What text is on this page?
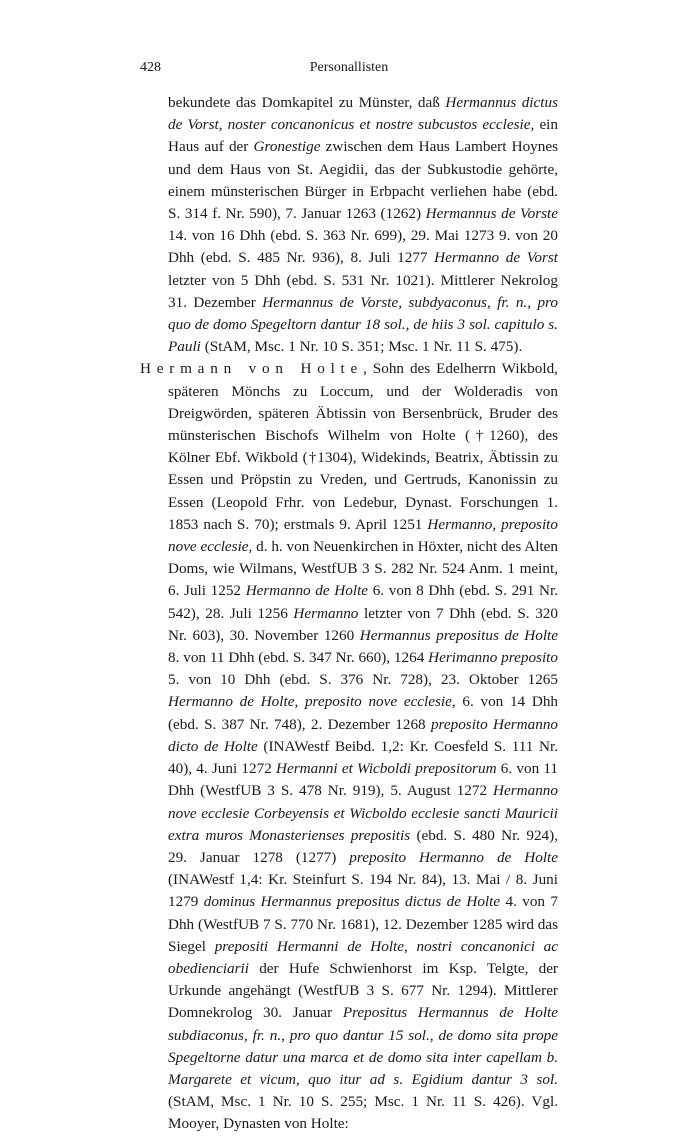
428	Personallisten

bekundete das Domkapitel zu Münster, daß Hermannus dictus de Vorst, noster concanonicus et nostre subcustos ecclesie, ein Haus auf der Gronestige zwischen dem Haus Lambert Hoynes und dem Haus von St. Aegidii, das der Subkustodie gehörte, einem münsterischen Bürger in Erbpacht verliehen habe (ebd. S. 314 f. Nr. 590), 7. Januar 1263 (1262) Hermannus de Vorste 14. von 16 Dhh (ebd. S. 363 Nr. 699), 29. Mai 1273 9. von 20 Dhh (ebd. S. 485 Nr. 936), 8. Juli 1277 Hermanno de Vorst letzter von 5 Dhh (ebd. S. 531 Nr. 1021). Mittlerer Nekrolog 31. Dezember Hermannus de Vorste, subdyaconus, fr. n., pro quo de domo Spegeltorn dantur 18 sol., de hiis 3 sol. capitulo s. Pauli (StAM, Msc. 1 Nr. 10 S. 351; Msc. 1 Nr. 11 S. 475).

Hermann von Holte, Sohn des Edelherrn Wikbold, späteren Mönchs zu Loccum, und der Wolderadis von Dreigwörden, späteren Äbtissin von Bersenbrück, Bruder des münsterischen Bischofs Wilhelm von Holte (†1260), des Kölner Ebf. Wikbold (†1304), Widekinds, Beatrix, Äbtissin zu Essen und Pröpstin zu Vreden, und Gertruds, Kanonissin zu Essen (Leopold Frhr. von Ledebur, Dynast. Forschungen 1. 1853 nach S. 70); erstmals 9. April 1251 Hermanno, preposito nove ecclesie, d. h. von Neuenkirchen in Höxter, nicht des Alten Doms, wie Wilmans, WestfUB 3 S. 282 Nr. 524 Anm. 1 meint, 6. Juli 1252 Hermanno de Holte 6. von 8 Dhh (ebd. S. 291 Nr. 542), 28. Juli 1256 Hermanno letzter von 7 Dhh (ebd. S. 320 Nr. 603), 30. November 1260 Hermannus prepositus de Holte 8. von 11 Dhh (ebd. S. 347 Nr. 660), 1264 Herimanno preposito 5. von 10 Dhh (ebd. S. 376 Nr. 728), 23. Oktober 1265 Hermanno de Holte, preposito nove ecclesie, 6. von 14 Dhh (ebd. S. 387 Nr. 748), 2. Dezember 1268 preposito Hermanno dicto de Holte (INAWestf Beibd. 1,2: Kr. Coesfeld S. 111 Nr. 40), 4. Juni 1272 Hermanni et Wicboldi prepositorum 6. von 11 Dhh (WestfUB 3 S. 478 Nr. 919), 5. August 1272 Hermanno nove ecclesie Corbeyensis et Wicboldo ecclesie sancti Mauricii extra muros Monasterienses prepositis (ebd. S. 480 Nr. 924), 29. Januar 1278 (1277) preposito Hermanno de Holte (INAWestf 1,4: Kr. Steinfurt S. 194 Nr. 84), 13. Mai / 8. Juni 1279 dominus Hermannus prepositus dictus de Holte 4. von 7 Dhh (WestfUB 7 S. 770 Nr. 1681), 12. Dezember 1285 wird das Siegel prepositi Hermanni de Holte, nostri concanonici ac obedienciarii der Hufe Schwienhorst im Ksp. Telgte, der Urkunde angehängt (WestfUB 3 S. 677 Nr. 1294). Mittlerer Domnekrolog 30. Januar Prepositus Hermannus de Holte subdiaconus, fr. n., pro quo dantur 15 sol., de domo sita prope Spegeltorne datur una marca et de domo sita inter capellam b. Margarete et vicum, quo itur ad s. Egidium dantur 3 sol. (StAM, Msc. 1 Nr. 10 S. 255; Msc. 1 Nr. 11 S. 426). Vgl. Mooyer, Dynasten von Holte:
